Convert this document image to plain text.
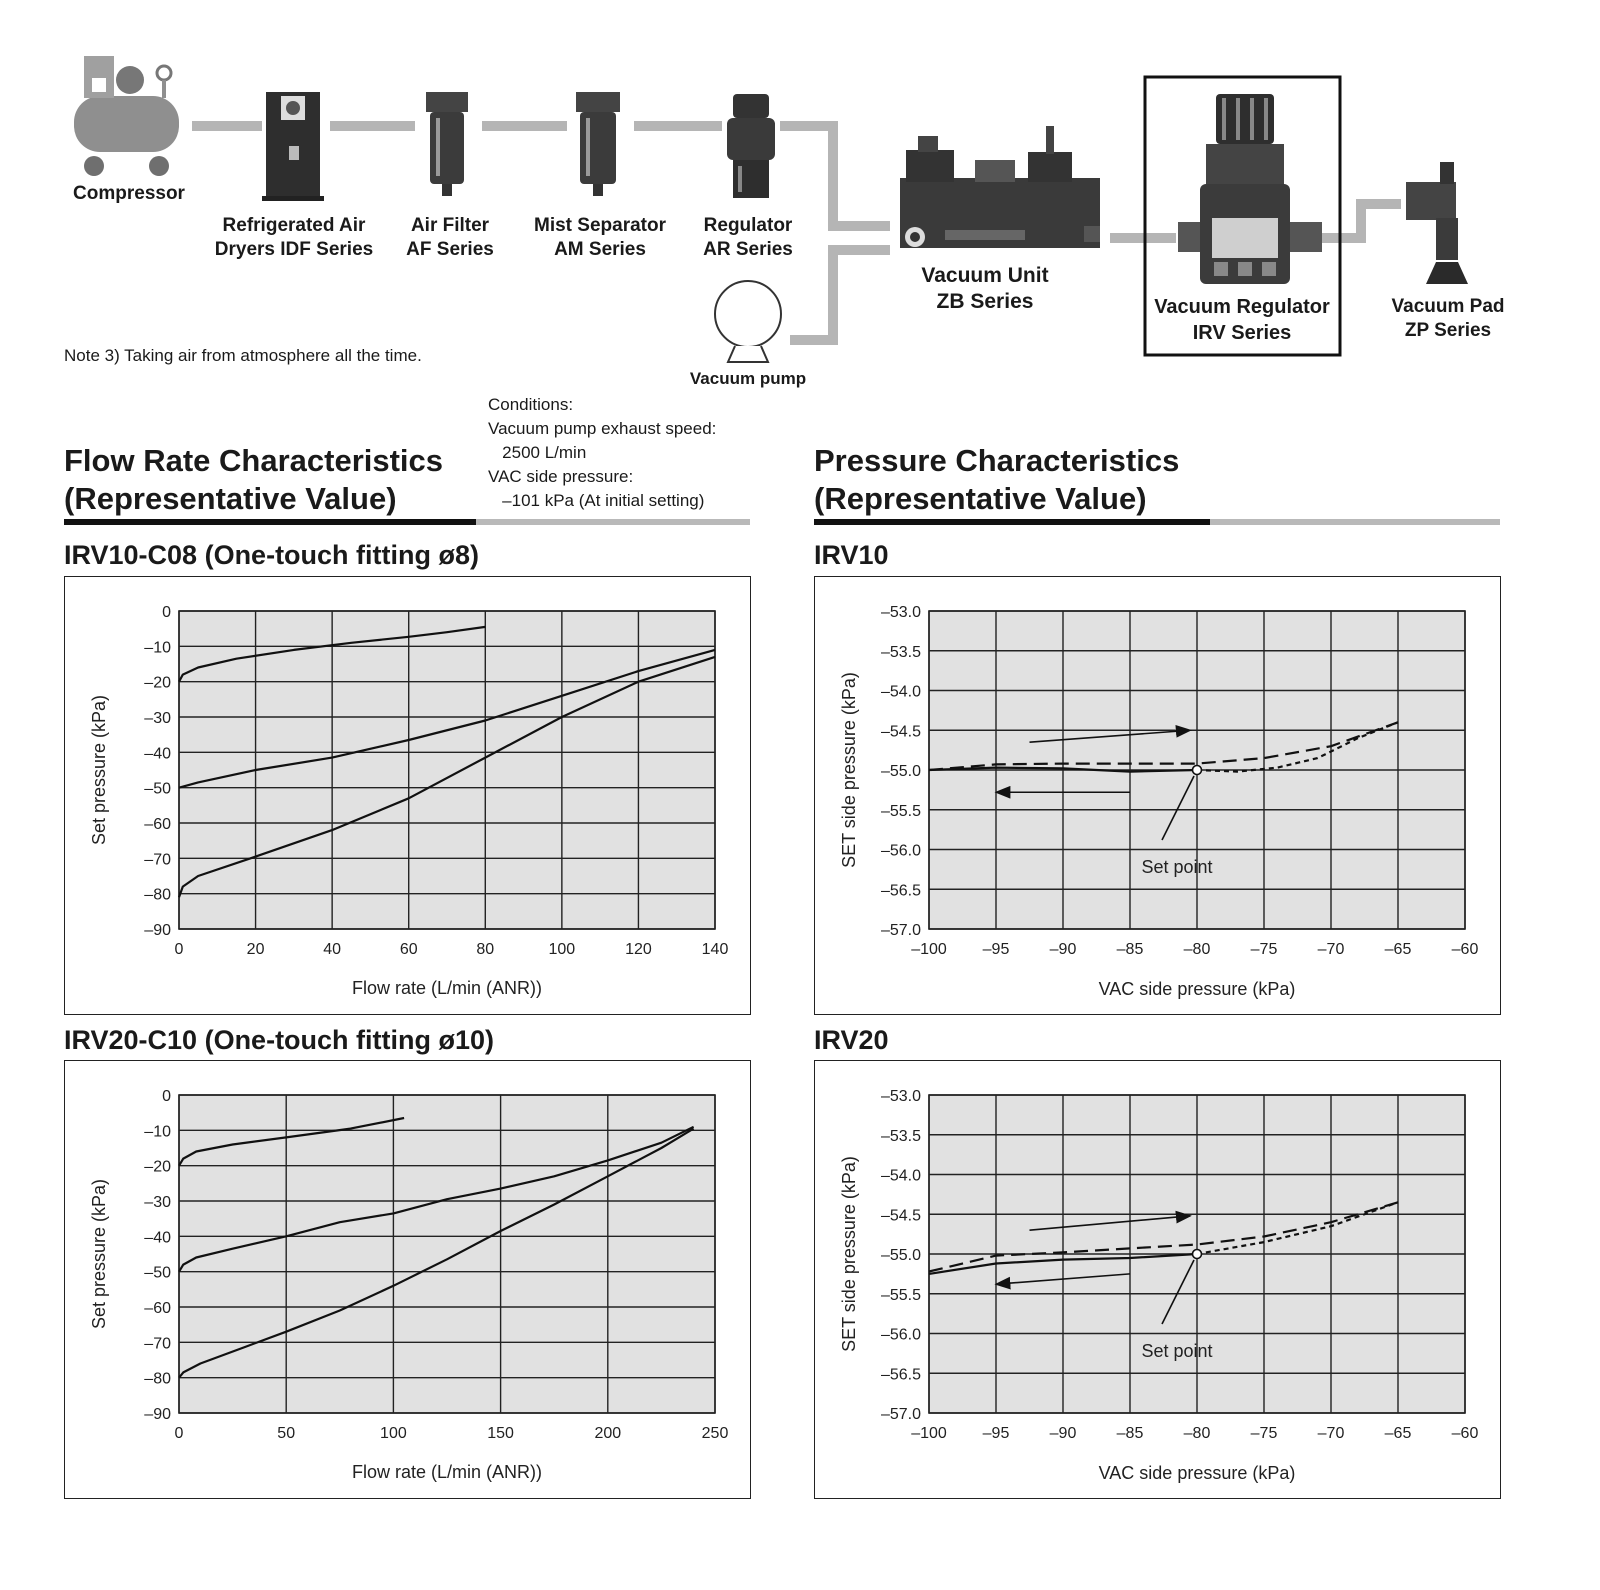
Compressor
Refrigerated Air
Dryers IDF Series
Air Filter
AF Series
Mist Separator
AM Series
Regulator
AR Series
Vacuum Unit
ZB Series	Vacuum Regulator
IRV Series
Vacuum Pad
ZP Series
Vacuum pump
Note 3) Taking air from atmosphere all the time.
Conditions:
Vacuum pump exhaust speed:
2500 L/min
VAC side pressure:
–101 kPa (At initial setting)
Flow Rate Characteristics
(Representative Value)
Pressure Characteristics
(Representative Value)
IRV10-C08 (One-touch fitting ø8)	IRV10
IRV20-C10 (One-touch fitting ø10)	IRV20
0	20	40	60	80	100	120	140
0
–10
–20
–30
–40
–50
–60
–70
–80
–90
Flow rate (L/min (ANR))
Set pressure (kPa)
–100 –95	–90	–85	–80	–75	–70	–65	–60
–53.0
–53.5
–54.0
–54.5
–55.0
–55.5
–56.0
–56.5
–57.0
Set point
VAC side pressure (kPa)
SET side pressure (kPa)
0	50	100	150	200	250
0
–10
–20
–30
–40
–50
–60
–70
–80
–90
Flow rate (L/min (ANR))
Set pressure (kPa)
–100 –95	–90	–85	–80	–75	–70	–65	–60
–53.0
–53.5
–54.0
–54.5
–55.0
–55.5
–56.0
–56.5
–57.0
Set point
VAC side pressure (kPa)
SET side pressure (kPa)
